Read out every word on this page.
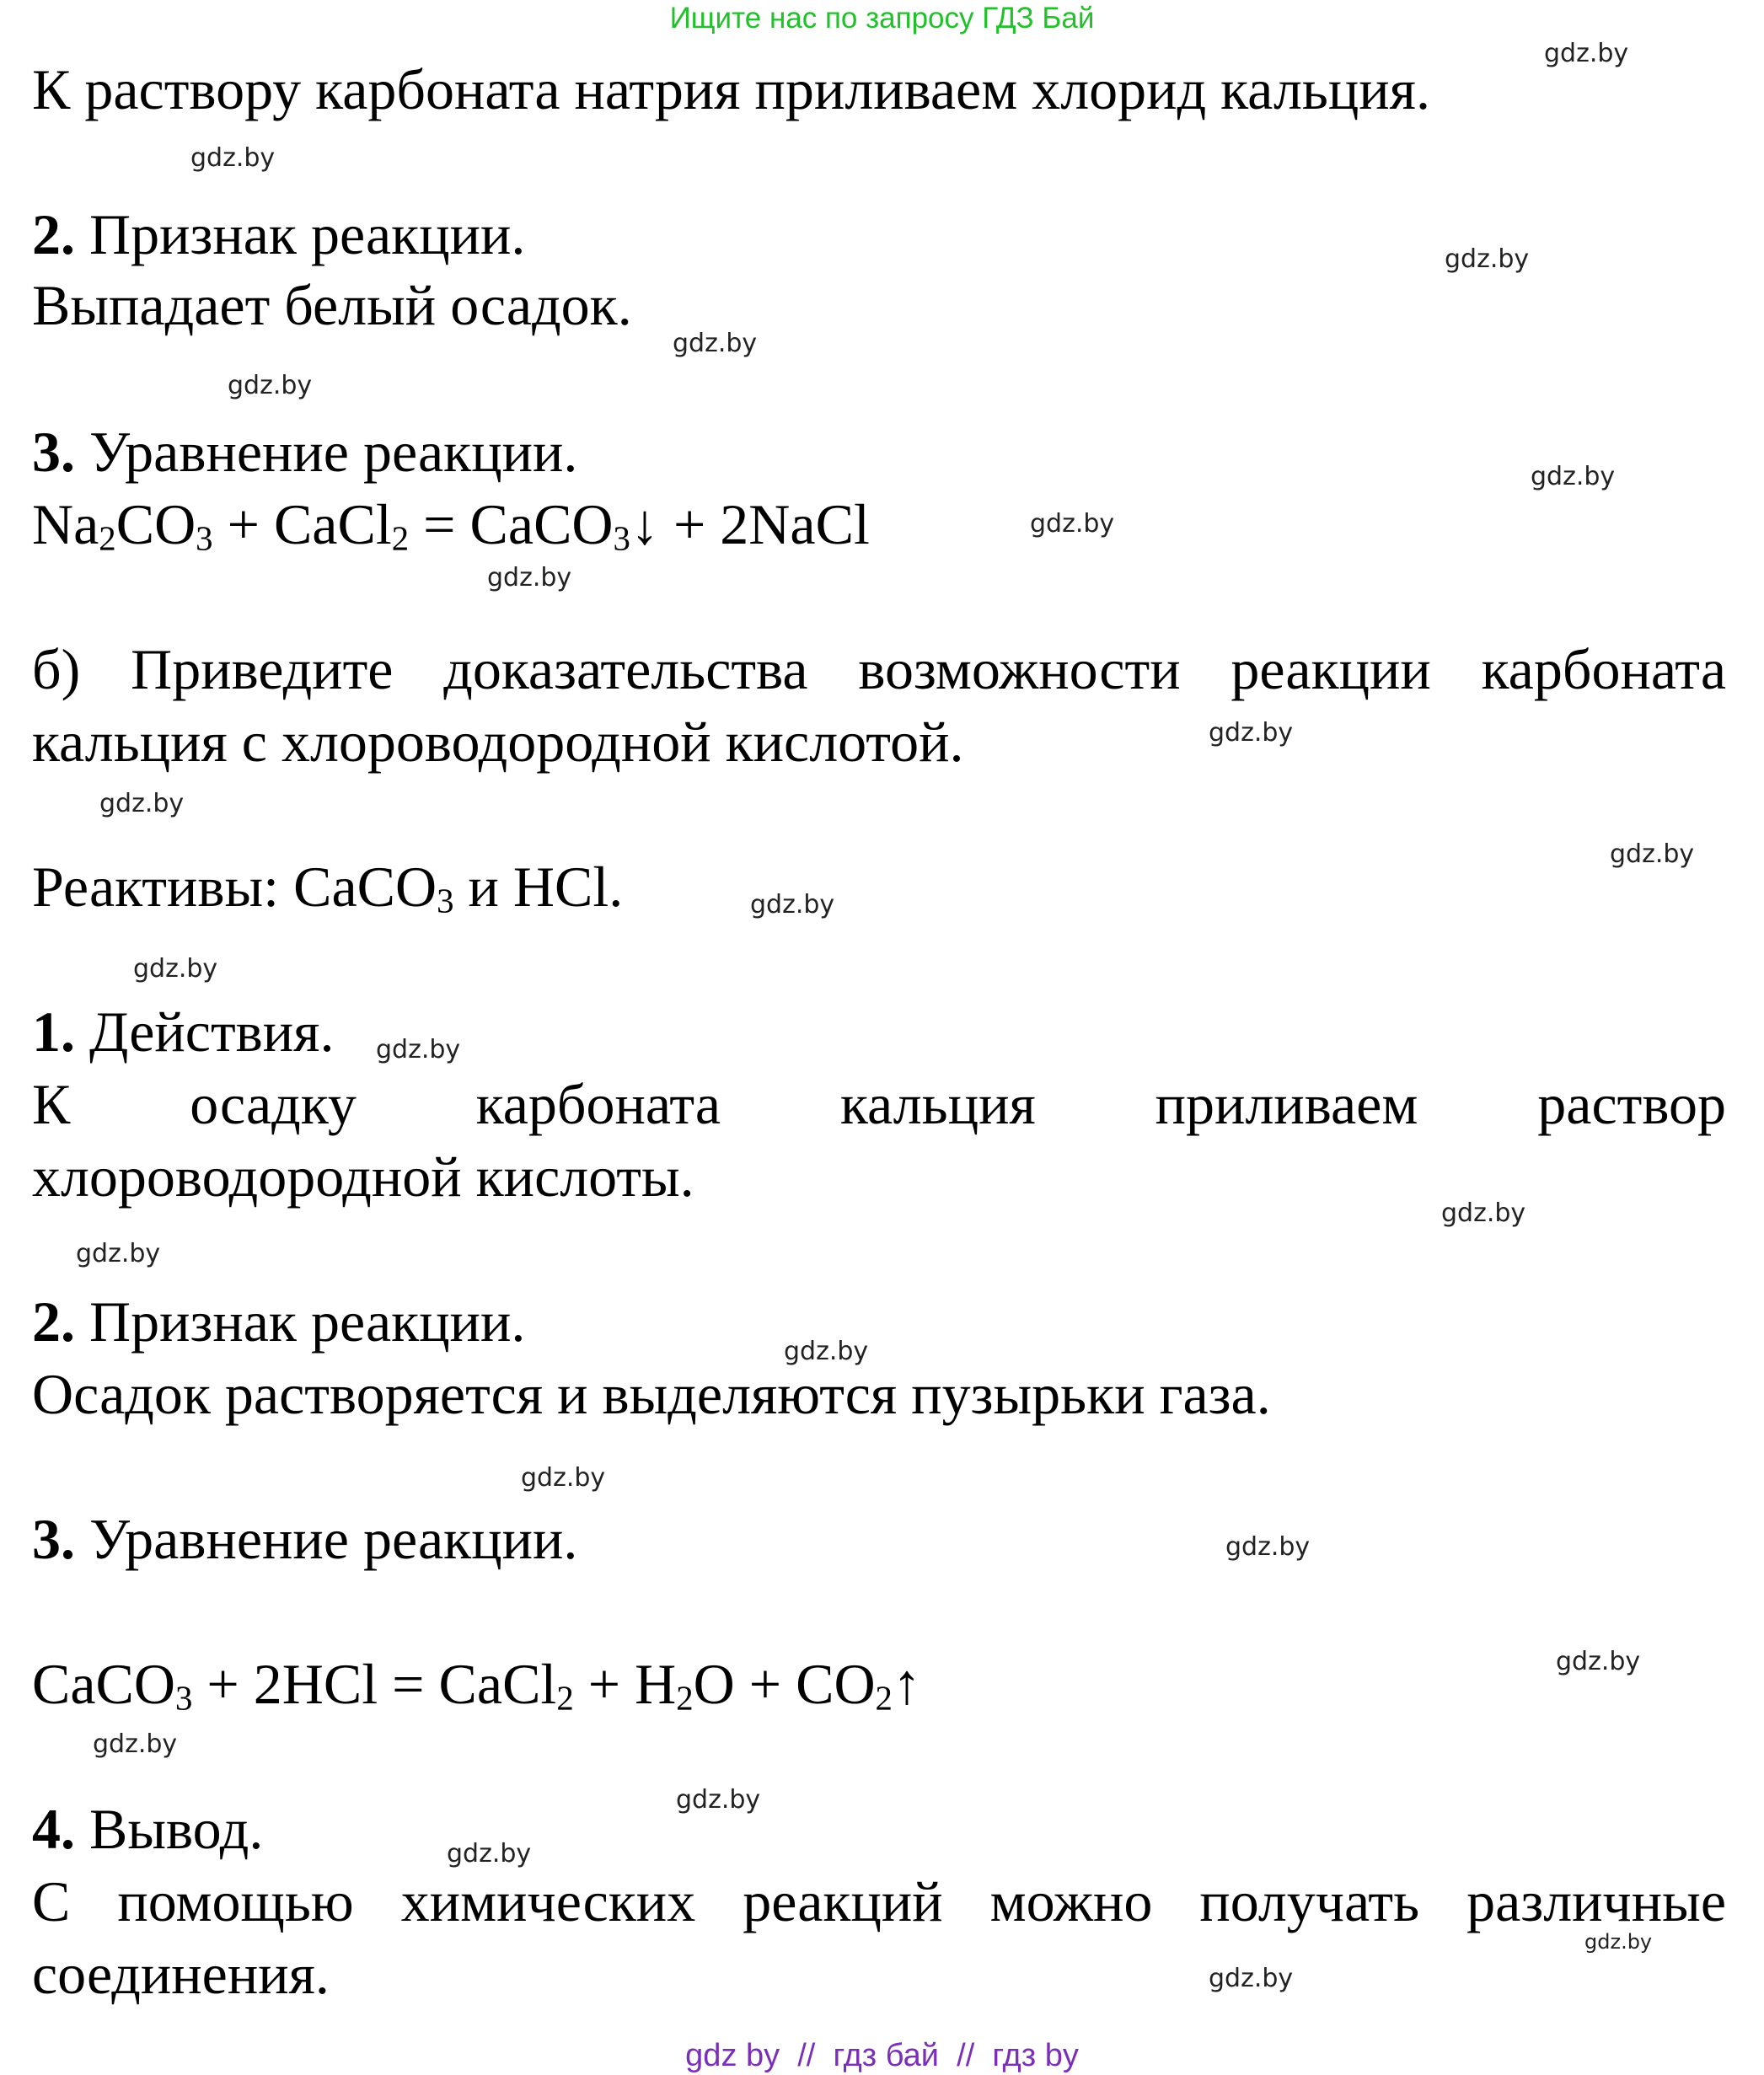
Ищите нас по запросу ГДЗ Бай

К раствору карбоната натрия приливаем хлорид кальция.

2. Признак реакции.

Выпадает белый осадок.

3. Уравнение реакции.

$Na_2CO_3$ + CaCl$_2$ = CaCO$_3$↓ + 2NaCl

б) Приведите доказательства возможности реакции карбоната

кальция с хлороводородной кислотой.

Реактивы: CaCO$_3$ и HCl.

1. Действия.

К осадку карбоната кальция приливаем раствор

хлороводородной кислоты.

2. Признак реакции.

Осадок растворяется и выделяются пузырьки газа.

3. Уравнение реакции.

CaCO$_3$ + 2HCl = CaCl$_2$ + $H_2O$ + $CO_2↑$

4. Вывод.

С помощью химических реакций можно получать различные

соединения.

gdz.by
gdz.by
gdz.by
gdz.by
gdz.by
gdz.by
gdz.by
gdz.by
gdz.by
gdz.by
gdz.by
gdz.by
gdz.by
gdz.by
gdz.by
gdz.by
gdz.by
gdz.by
gdz.by
gdz.by
gdz.by
gdz.by
gdz.by
gdz.by
gdz.by
gdz by  //  гдз бай  //  гдз by
